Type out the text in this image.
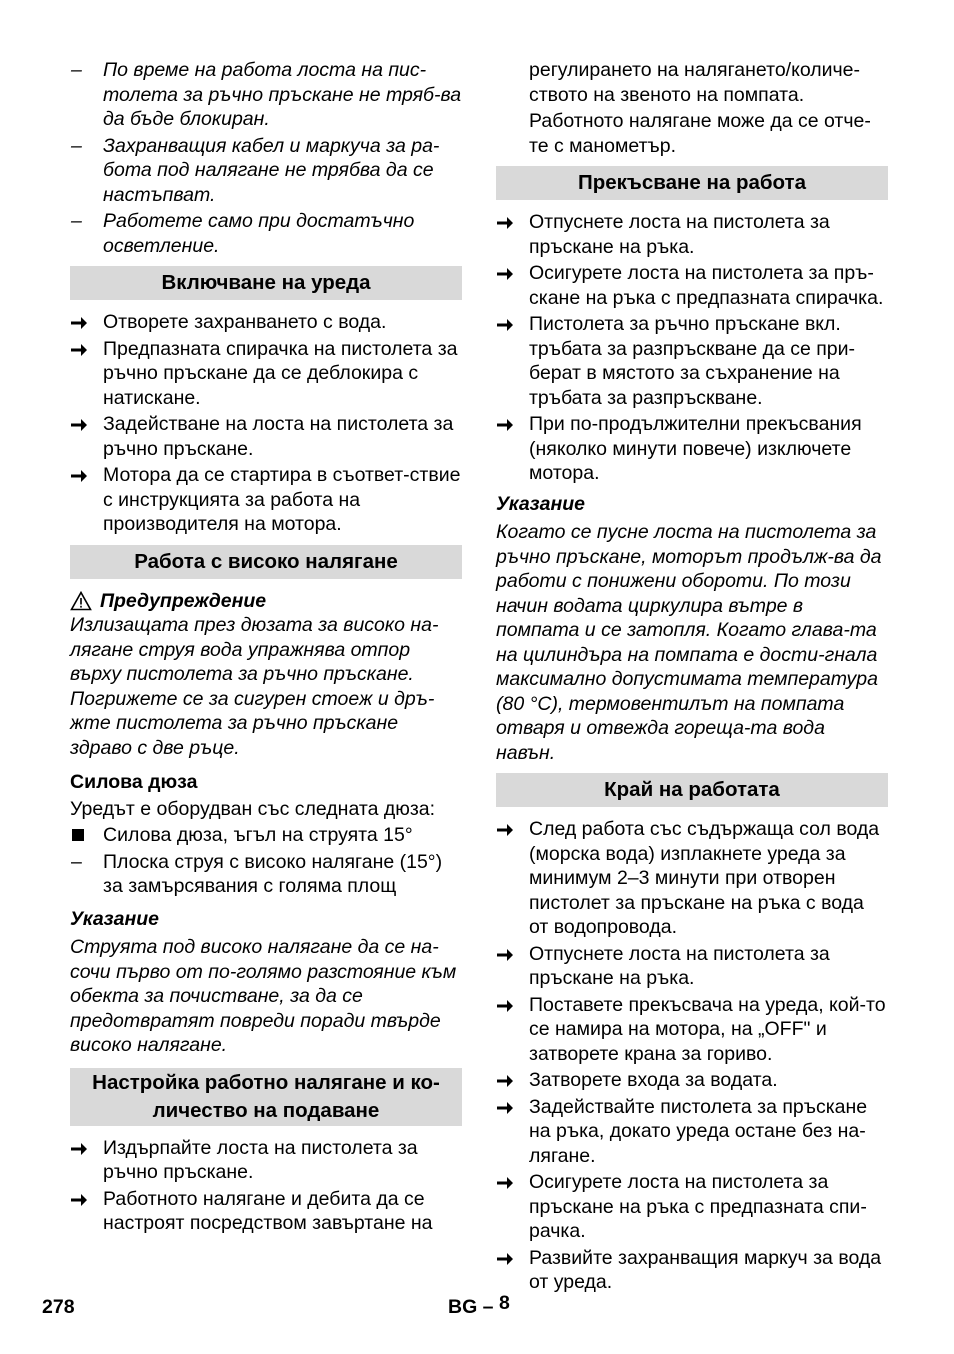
–	По време на работа лоста на пис-толета за ръчно пръскане не тряб-ва да бъде блокиран.
–	Захранващия кабел и маркуча за ра-бота под налягане не трябва да се настъпват.
–	Работете само при достатъчно осветление.
Включване на уреда
Отворете захранването с вода.
Предпазната спирачка на пистолета за ръчно пръскане да се деблокира с натискане.
Задействане на лоста на пистолета за ръчно пръскане.
Мотора да се стартира в съответ-ствие с инструкцията за работа на производителя на мотора.
Работа с високо налягане
Предупреждение
Излизащата през дюзата за високо на-лягане струя вода упражнява отпор върху пистолета за ръчно пръскане. Погрижете се за сигурен стоеж и дръ-жте пистолета за ръчно пръскане здраво с две ръце.
Силова дюза
Уредът е оборудван със следната дюза:
Силова дюза, ъгъл на струята 15°
–	Плоска струя с високо налягане (15°) за замърсявания с голяма площ
Указание
Струята под високо налягане да се на-сочи първо от по-голямо разстояние към обекта за почистване, за да се предотвратят повреди поради твърде високо налягане.
Настройка работно налягане и ко-
личество на подаване
Издърпайте лоста на пистолета за ръчно пръскане.
Работното налягане и дебита да се настроят посредством завъртане на
регулирането на налягането/количе-ството на звеното на помпата.
Работното налягане може да се отче-те с манометър.
Прекъсване на работа
Отпуснете лоста на пистолета за пръскане на ръка.
Осигурете лоста на пистолета за пръ-скане на ръка с предпазната спирачка.
Пистолета за ръчно пръскане вкл. тръбата за разпръскване да се при-берат в мястото за съхранение на тръбата за разпръскване.
При по-продължителни прекъсвания (няколко минути повече) изключете мотора.
Указание
Когато се пусне лоста на пистолета за ръчно пръскане, моторът продълж-ва да работи с понижени обороти. По този начин водата циркулира вътре в помпата и се затопля. Когато глава-та на цилиндъра на помпата е дости-гнала максимално допустимата температура (80 °C), термовентилът на помпата отваря и отвежда гореща-та вода навън.
Край на работата
След работа със съдържаща сол вода (морска вода) изплакнете уреда за минимум 2–3 минути при отворен пистолет за пръскане на ръка с вода от водопровода.
Отпуснете лоста на пистолета за пръскане на ръка.
Поставете прекъсвача на уреда, кой-то се намира на мотора, на „OFF" и затворете крана за гориво.
Затворете входа за водата.
Задействайте пистолета за пръскане на ръка, докато уреда остане без на-лягане.
Осигурете лоста на пистолета за пръскане на ръка с предпазната спи-рачка.
Развийте захранващия маркуч за вода от уреда.
278	BG – 8
